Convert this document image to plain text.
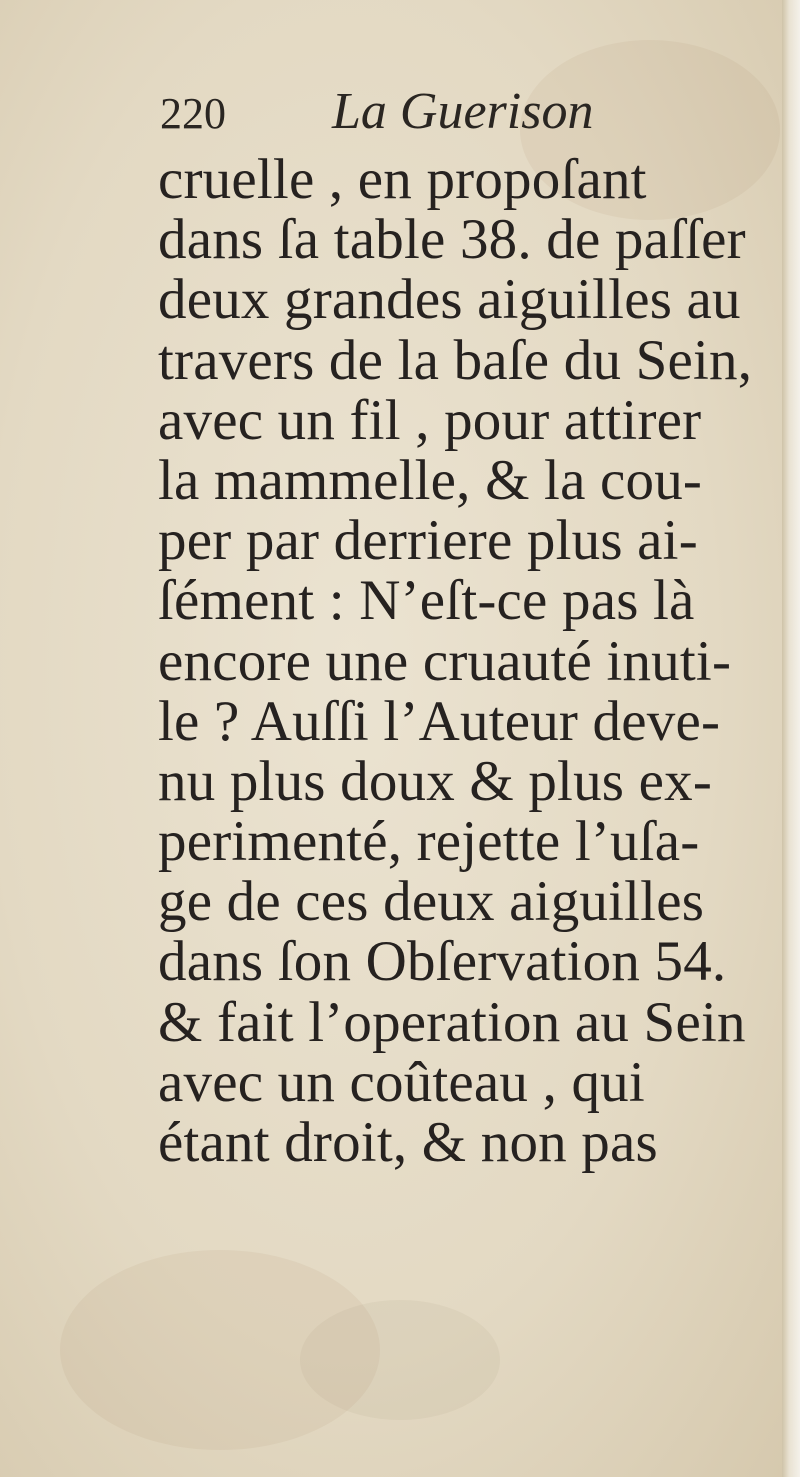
220 La Guerison
cruelle , en propoſant
dans ſa table 38. de paſſer
deux grandes aiguilles au
travers de la baſe du Sein,
avec un fil , pour attirer
la mammelle, & la cou-
per par derriere plus ai-
ſément : N’eſt-ce pas là
encore une cruauté inuti-
le ? Auſſi l’Auteur deve-
nu plus doux & plus ex-
perimenté, rejette l’uſa-
ge de ces deux aiguilles
dans ſon Obſervation 54.
& fait l’operation au Sein
avec un coûteau , qui
étant droit, & non pas
